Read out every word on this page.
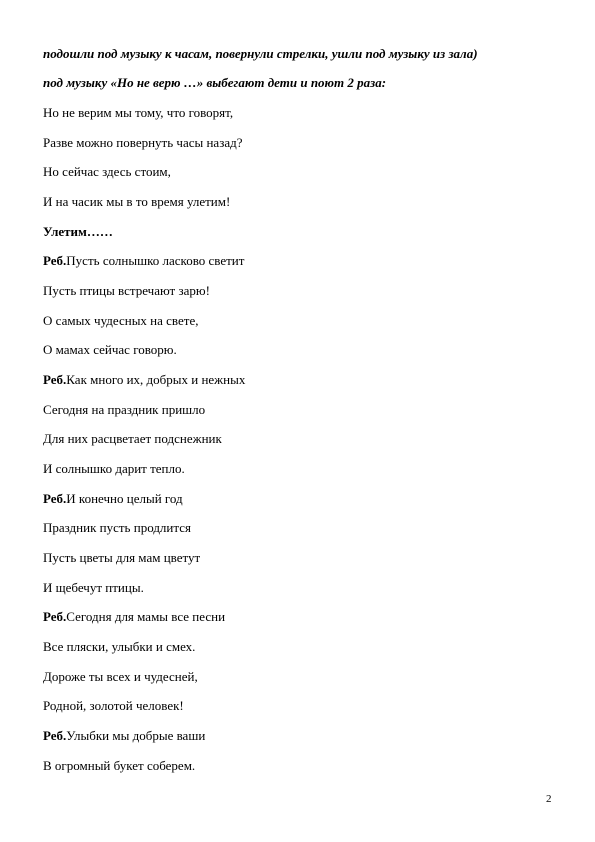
подошли под музыку к часам, повернули стрелки, ушли под музыку из зала)
под музыку «Но не верю …» выбегают дети и поют 2 раза:
Но не верим мы тому, что говорят,
Разве можно повернуть часы назад?
Но сейчас здесь стоим,
И на часик мы в то время улетим!
Улетим……
Реб.Пусть солнышко ласково светит
Пусть птицы встречают зарю!
О самых чудесных на свете,
О мамах сейчас говорю.
Реб.Как много их, добрых и нежных
Сегодня на праздник пришло
Для них расцветает подснежник
И солнышко дарит тепло.
Реб.И конечно целый год
Праздник пусть продлится
Пусть цветы для мам цветут
И щебечут птицы.
Реб.Сегодня для мамы все песни
Все пляски, улыбки и смех.
Дороже ты всех и чудесней,
Родной, золотой человек!
Реб.Улыбки мы добрые ваши
В огромный букет соберем.
2
